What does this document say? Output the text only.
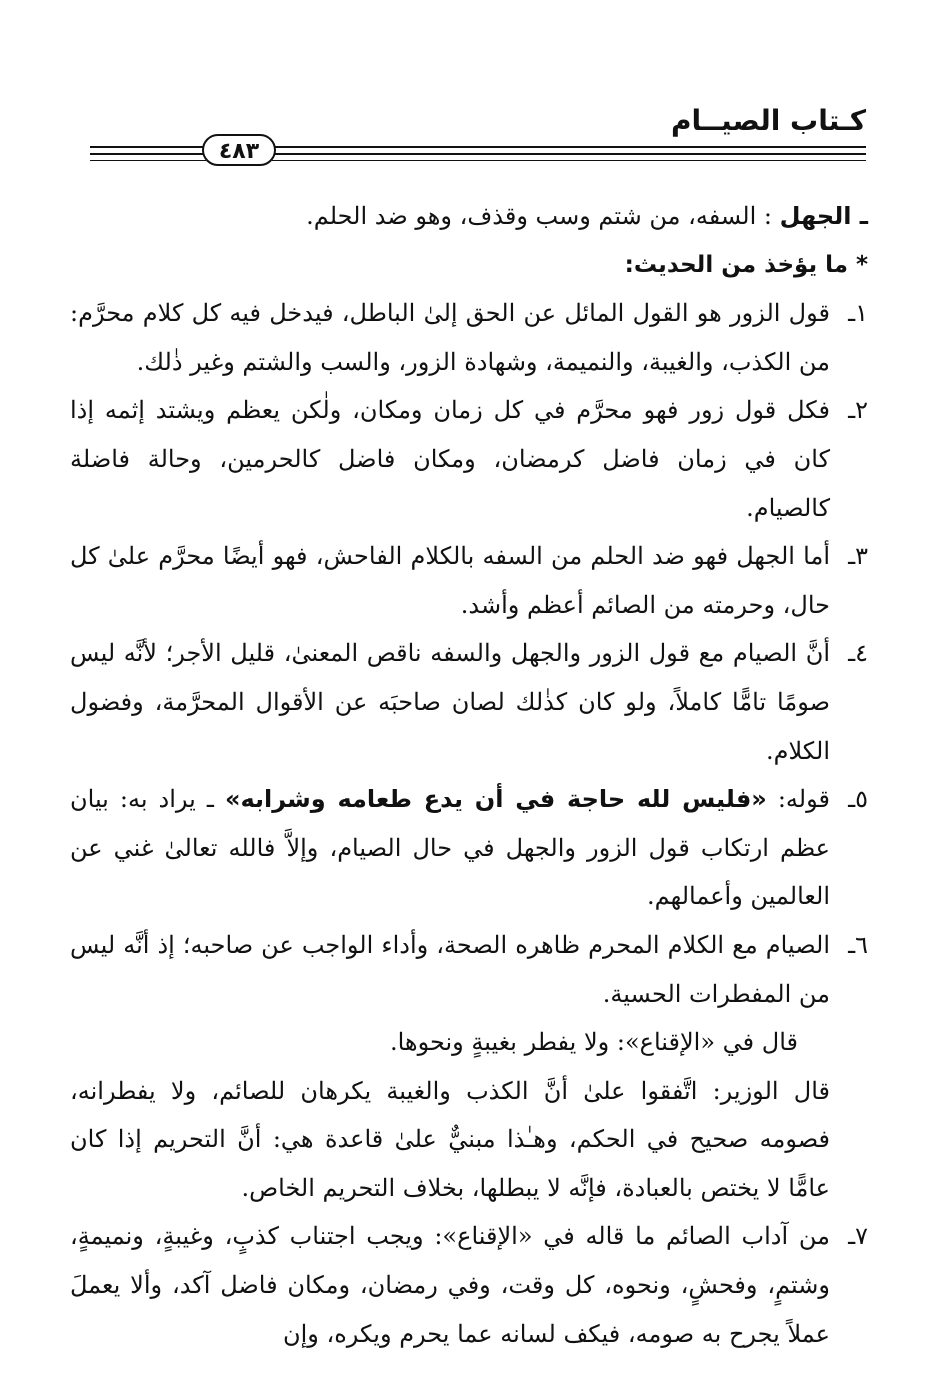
كـتاب الصيــام
٤٨٣

ـ الجهل : السفه، من شتم وسب وقذف، وهو ضد الحلم.

* ما يؤخذ من الحديث:

١ـ
قول الزور هو القول المائل عن الحق إلىٰ الباطل، فيدخل فيه كل كلام محرَّم: من الكذب، والغيبة، والنميمة، وشهادة الزور، والسب والشتم وغير ذٰلك.

٢ـ
فكل قول زور فهو محرَّم في كل زمان ومكان، ولٰكن يعظم ويشتد إثمه إذا كان في زمان فاضل كرمضان، ومكان فاضل كالحرمين، وحالة فاضلة كالصيام.

٣ـ
أما الجهل فهو ضد الحلم من السفه بالكلام الفاحش، فهو أيضًا محرَّم علىٰ كل حال، وحرمته من الصائم أعظم وأشد.

٤ـ
أنَّ الصيام مع قول الزور والجهل والسفه ناقص المعنىٰ، قليل الأجر؛ لأنَّه ليس صومًا تامًّا كاملاً، ولو كان كذٰلك لصان صاحبَه عن الأقوال المحرَّمة، وفضول الكلام.

٥ـ
قوله: «فليس لله حاجة في أن يدع طعامه وشرابه» ـ يراد به: بيان عظم ارتكاب قول الزور والجهل في حال الصيام، وإلاَّ فالله تعالىٰ غني عن العالمين وأعمالهم.

٦ـ
الصيام مع الكلام المحرم ظاهره الصحة، وأداء الواجب عن صاحبه؛ إذ أنَّه ليس من المفطرات الحسية.

قال في «الإقناع»: ولا يفطر بغيبةٍ ونحوها.

قال الوزير: اتَّفقوا علىٰ أنَّ الكذب والغيبة يكرهان للصائم، ولا يفطرانه، فصومه صحيح في الحكم، وهـٰذا مبنيٌّ علىٰ قاعدة هي: أنَّ التحريم إذا كان عامًّا لا يختص بالعبادة، فإنَّه لا يبطلها، بخلاف التحريم الخاص.

٧ـ
من آداب الصائم ما قاله في «الإقناع»: ويجب اجتناب كذبٍ، وغيبةٍ، ونميمةٍ، وشتمٍ، وفحشٍ، ونحوه، كل وقت، وفي رمضان، ومكان فاضل آكد، وألا يعملَ عملاً يجرح به صومه، فيكف لسانه عما يحرم ويكره، وإن
